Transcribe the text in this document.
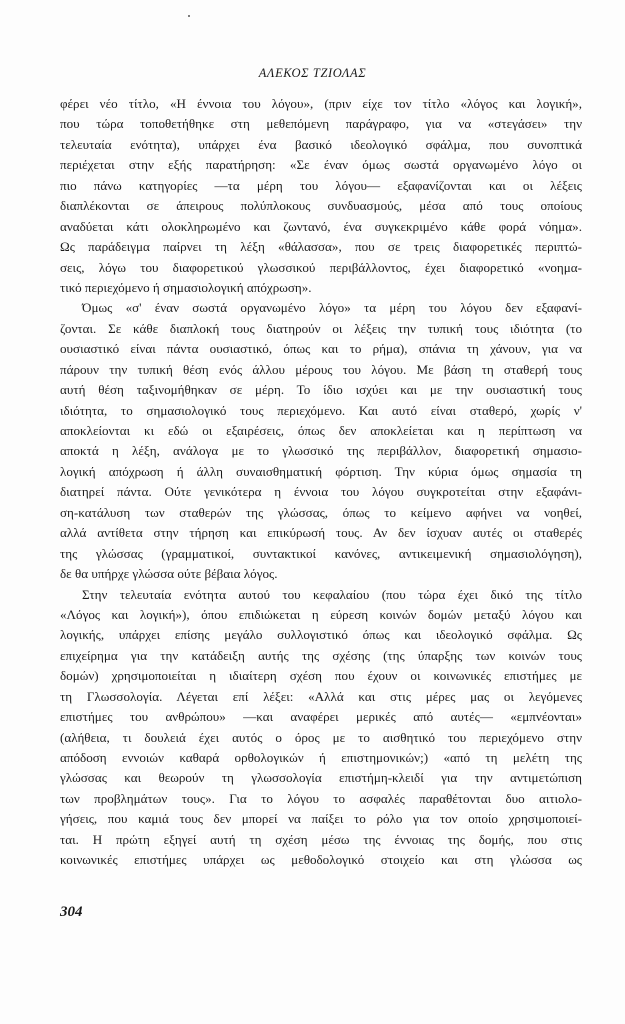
ΑΛΕΚΟΣ ΤΖΙΟΛΑΣ
φέρει νέο τίτλο, «Η έννοια του λόγου», (πριν είχε τον τίτλο «λόγος και λογική»,
που τώρα τοποθετήθηκε στη μεθεπόμενη παράγραφο, για να «στεγάσει» την
τελευταία ενότητα), υπάρχει ένα βασικό ιδεολογικό σφάλμα, που συνοπτικά
περιέχεται στην εξής παρατήρηση: «Σε έναν όμως σωστά οργανωμένο λόγο οι
πιο πάνω κατηγορίες —τα μέρη του λόγου— εξαφανίζονται και οι λέξεις
διαπλέκονται σε άπειρους πολύπλοκους συνδυασμούς, μέσα από τους οποίους
αναδύεται κάτι ολοκληρωμένο και ζωντανό, ένα συγκεκριμένο κάθε φορά νόημα».
Ως παράδειγμα παίρνει τη λέξη «θάλασσα», που σε τρεις διαφορετικές περιπτώ-
σεις, λόγω του διαφορετικού γλωσσικού περιβάλλοντος, έχει διαφορετικό «νοημα-
τικό περιεχόμενο ή σημασιολογική απόχρωση».
Όμως «σ' έναν σωστά οργανωμένο λόγο» τα μέρη του λόγου δεν εξαφανί-
ζονται. Σε κάθε διαπλοκή τους διατηρούν οι λέξεις την τυπική τους ιδιότητα (το
ουσιαστικό είναι πάντα ουσιαστικό, όπως και το ρήμα), σπάνια τη χάνουν, για να
πάρουν την τυπική θέση ενός άλλου μέρους του λόγου. Με βάση τη σταθερή τους
αυτή θέση ταξινομήθηκαν σε μέρη. Το ίδιο ισχύει και με την ουσιαστική τους
ιδιότητα, το σημασιολογικό τους περιεχόμενο. Και αυτό είναι σταθερό, χωρίς ν'
αποκλείονται κι εδώ οι εξαιρέσεις, όπως δεν αποκλείεται και η περίπτωση να
αποκτά η λέξη, ανάλογα με το γλωσσικό της περιβάλλον, διαφορετική σημασιο-
λογική απόχρωση ή άλλη συναισθηματική φόρτιση. Την κύρια όμως σημασία τη
διατηρεί πάντα. Ούτε γενικότερα η έννοια του λόγου συγκροτείται στην εξαφάνι-
ση-κατάλυση των σταθερών της γλώσσας, όπως το κείμενο αφήνει να νοηθεί,
αλλά αντίθετα στην τήρηση και επικύρωσή τους. Αν δεν ίσχυαν αυτές οι σταθερές
της γλώσσας (γραμματικοί, συντακτικοί κανόνες, αντικειμενική σημασιολόγηση),
δε θα υπήρχε γλώσσα ούτε βέβαια λόγος.
Στην τελευταία ενότητα αυτού του κεφαλαίου (που τώρα έχει δικό της τίτλο
«Λόγος και λογική»), όπου επιδιώκεται η εύρεση κοινών δομών μεταξύ λόγου και
λογικής, υπάρχει επίσης μεγάλο συλλογιστικό όπως και ιδεολογικό σφάλμα. Ως
επιχείρημα για την κατάδειξη αυτής της σχέσης (της ύπαρξης των κοινών τους
δομών) χρησιμοποιείται η ιδιαίτερη σχέση που έχουν οι κοινωνικές επιστήμες με
τη Γλωσσολογία. Λέγεται επί λέξει: «Αλλά και στις μέρες μας οι λεγόμενες
επιστήμες του ανθρώπου» —και αναφέρει μερικές από αυτές— «εμπνέονται»
(αλήθεια, τι δουλειά έχει αυτός ο όρος με το αισθητικό του περιεχόμενο στην
απόδοση εννοιών καθαρά ορθολογικών ή επιστημονικών;) «από τη μελέτη της
γλώσσας και θεωρούν τη γλωσσολογία επιστήμη-κλειδί για την αντιμετώπιση
των προβλημάτων τους». Για το λόγου το ασφαλές παραθέτονται δυο αιτιολο-
γήσεις, που καμιά τους δεν μπορεί να παίξει το ρόλο για τον οποίο χρησιμοποιεί-
ται. Η πρώτη εξηγεί αυτή τη σχέση μέσω της έννοιας της δομής, που στις
κοινωνικές επιστήμες υπάρχει ως μεθοδολογικό στοιχείο και στη γλώσσα ως
304
